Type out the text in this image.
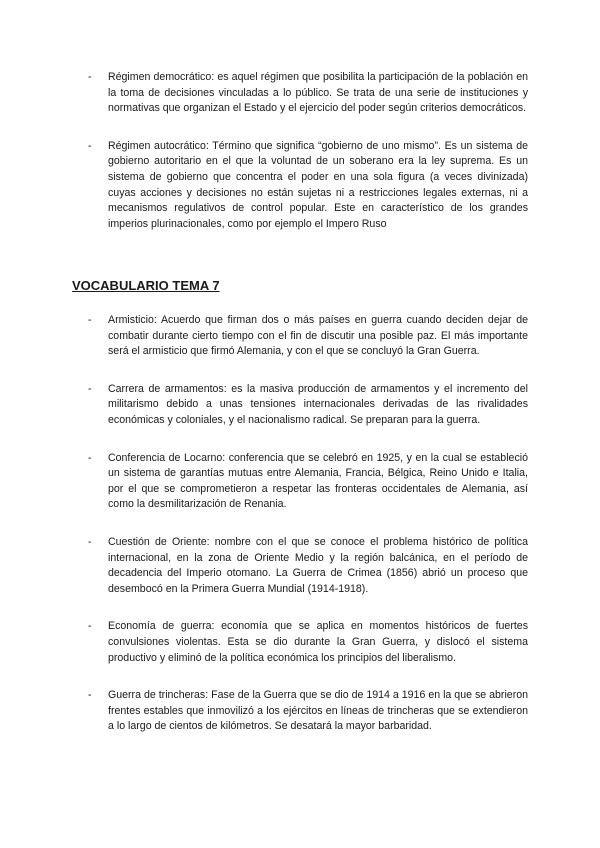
- Régimen democrático: es aquel régimen que posibilita la participación de la población en la toma de decisiones vinculadas a lo público. Se trata de una serie de instituciones y normativas que organizan el Estado y el ejercicio del poder según criterios democráticos.

- Régimen autocrático: Término que significa “gobierno de uno mismo”. Es un sistema de gobierno autoritario en el que la voluntad de un soberano era la ley suprema. Es un sistema de gobierno que concentra el poder en una sola figura (a veces divinizada) cuyas acciones y decisiones no están sujetas ni a restricciones legales externas, ni a mecanismos regulativos de control popular. Este en característico de los grandes imperios plurinacionales, como por ejemplo el Impero Ruso

VOCABULARIO TEMA 7
- Armisticio: Acuerdo que firman dos o más países en guerra cuando deciden dejar de combatir durante cierto tiempo con el fin de discutir una posible paz. El más importante será el armisticio que firmó Alemania, y con el que se concluyó la Gran Guerra.

- Carrera de armamentos: es la masiva producción de armamentos y el incremento del militarismo debido a unas tensiones internacionales derivadas de las rivalidades económicas y coloniales, y el nacionalismo radical. Se preparan para la guerra.

- Conferencia de Locarno: conferencia que se celebró en 1925, y en la cual se estableció un sistema de garantías mutuas entre Alemania, Francia, Bélgica, Reino Unido e Italia, por el que se comprometieron a respetar las fronteras occidentales de Alemania, así como la desmilitarización de Renania.

- Cuestión de Oriente: nombre con el que se conoce el problema histórico de política internacional, en la zona de Oriente Medio y la región balcánica, en el período de decadencia del Imperio otomano. La Guerra de Crimea (1856) abrió un proceso que desembocó en la Primera Guerra Mundial (1914-1918).

- Economía de guerra: economía que se aplica en momentos históricos de fuertes convulsiones violentas. Esta se dio durante la Gran Guerra, y dislocó el sistema productivo y eliminó de la política económica los principios del liberalismo.

- Guerra de trincheras: Fase de la Guerra que se dio de 1914 a 1916 en la que se abrieron frentes estables que inmovilizó a los ejércitos en líneas de trincheras que se extendieron a lo largo de cientos de kilómetros. Se desatará la mayor barbaridad.
